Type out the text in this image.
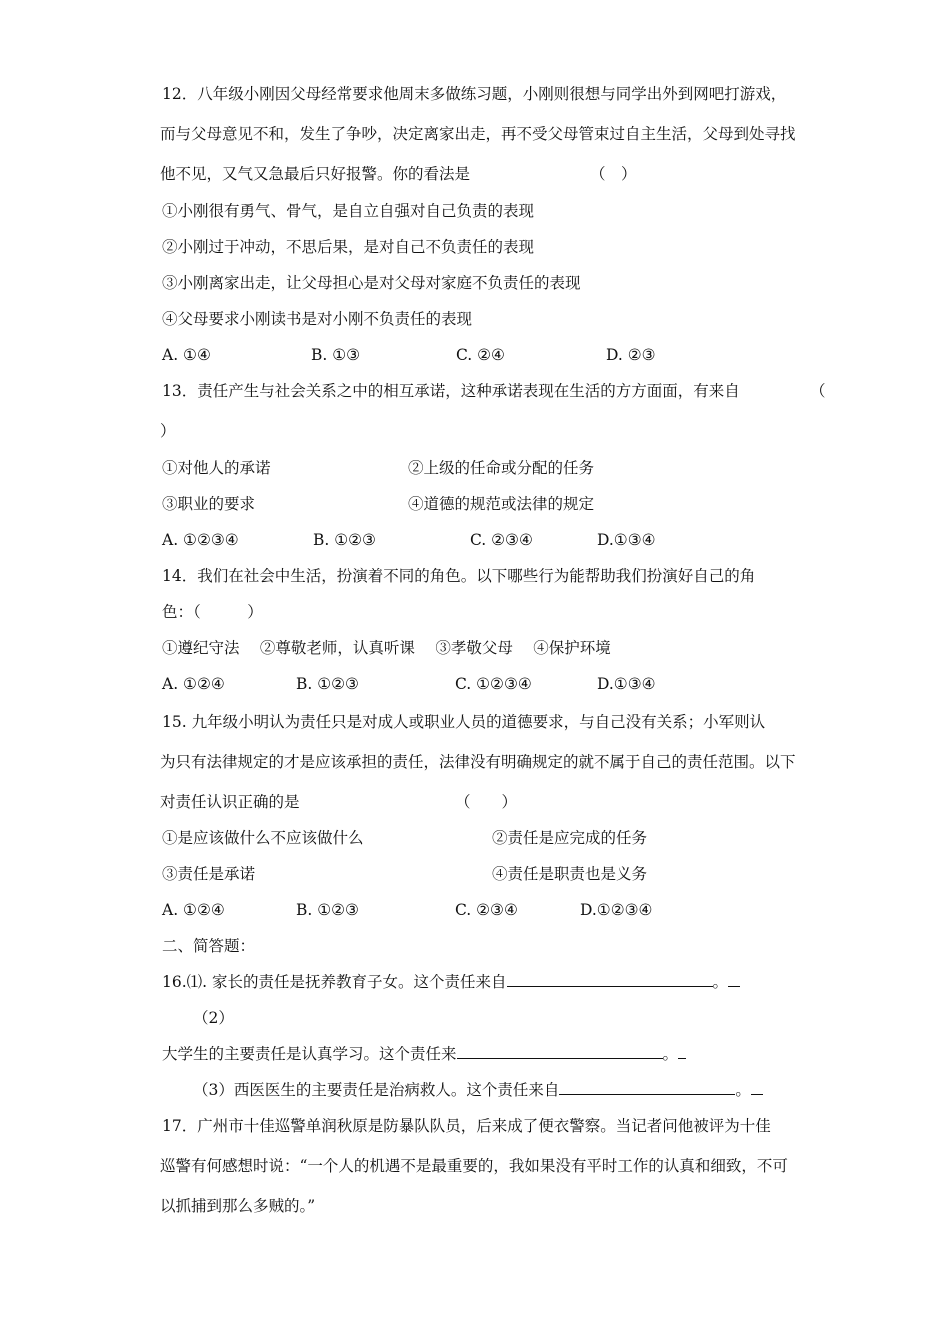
12．八年级小刚因父母经常要求他周末多做练习题，小刚则很想与同学出外到网吧打游戏，
而与父母意见不和，发生了争吵，决定离家出走，再不受父母管束过自主生活，父母到处寻找
他不见，又气又急最后只好报警。你的看法是	（　）
①小刚很有勇气、骨气，是自立自强对自己负责的表现
②小刚过于冲动，不思后果，是对自己不负责任的表现
③小刚离家出走，让父母担心是对父母对家庭不负责任的表现
④父母要求小刚读书是对小刚不负责任的表现
A. ①④	B. ①③	C. ②④	D. ②③
13．责任产生与社会关系之中的相互承诺，这种承诺表现在生活的方方面面，有来自	（
）
①对他人的承诺	②上级的任命或分配的任务
③职业的要求	④道德的规范或法律的规定
A. ①②③④	B. ①②③	C. ②③④	D.①③④
14．我们在社会中生活，扮演着不同的角色。以下哪些行为能帮助我们扮演好自己的角
色：（　　　）
①遵纪守法　 ②尊敬老师，认真听课　 ③孝敬父母　 ④保护环境
A. ①②④	B. ①②③	C. ①②③④	D.①③④
15. 九年级小明认为责任只是对成人或职业人员的道德要求，与自己没有关系；小军则认
为只有法律规定的才是应该承担的责任，法律没有明确规定的就不属于自己的责任范围。以下
对责任认识正确的是	（　　）
①是应该做什么不应该做什么	②责任是应完成的任务
③责任是承诺	④责任是职责也是义务
A. ①②④	B. ①②③	C. ②③④	D.①②③④
二、简答题：
16.⑴. 家长的责任是抚养教育子女。这个责任来自	。
（2）
大学生的主要责任是认真学习。这个责任来	。
（3）西医医生的主要责任是治病救人。这个责任来自	。
17．广州市十佳巡警单润秋原是防暴队队员，后来成了便衣警察。当记者问他被评为十佳
巡警有何感想时说：“一个人的机遇不是最重要的，我如果没有平时工作的认真和细致，不可
以抓捕到那么多贼的。”
